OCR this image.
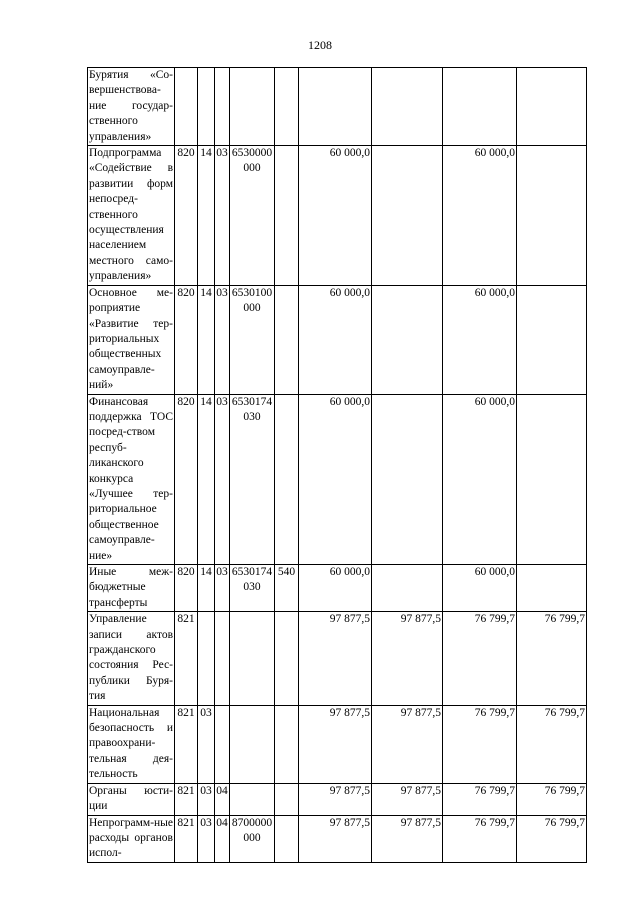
1208
Бурятия «Со-вершенствова-ние государ-ственного управления»									
Подпрограмма «Содействие в развитии форм непосред-ственного осуществления населением местного само-управления»	820	14	03	6530000000		60 000,0		60 000,0	
Основное ме-роприятие «Развитие тер-риториальных общественных самоуправле-ний»	820	14	03	6530100000		60 000,0		60 000,0	
Финансовая поддержка ТОС посред-ством респуб-ликанского конкурса «Лучшее тер-риториальное общественное самоуправле-ние»	820	14	03	6530174030		60 000,0		60 000,0	
Иные меж-бюджетные трансферты	820	14	03	6530174030	540	60 000,0		60 000,0	
Управление записи актов гражданского состояния Рес-публики Буря-тия	821					97 877,5	97 877,5	76 799,7	76 799,7
Национальная безопасность и правоохрани-тельная дея-тельность	821	03				97 877,5	97 877,5	76 799,7	76 799,7
Органы юсти-ции	821	03	04			97 877,5	97 877,5	76 799,7	76 799,7
Непрограмм-ные расходы органов испол-	821	03	04	8700000000		97 877,5	97 877,5	76 799,7	76 799,7
